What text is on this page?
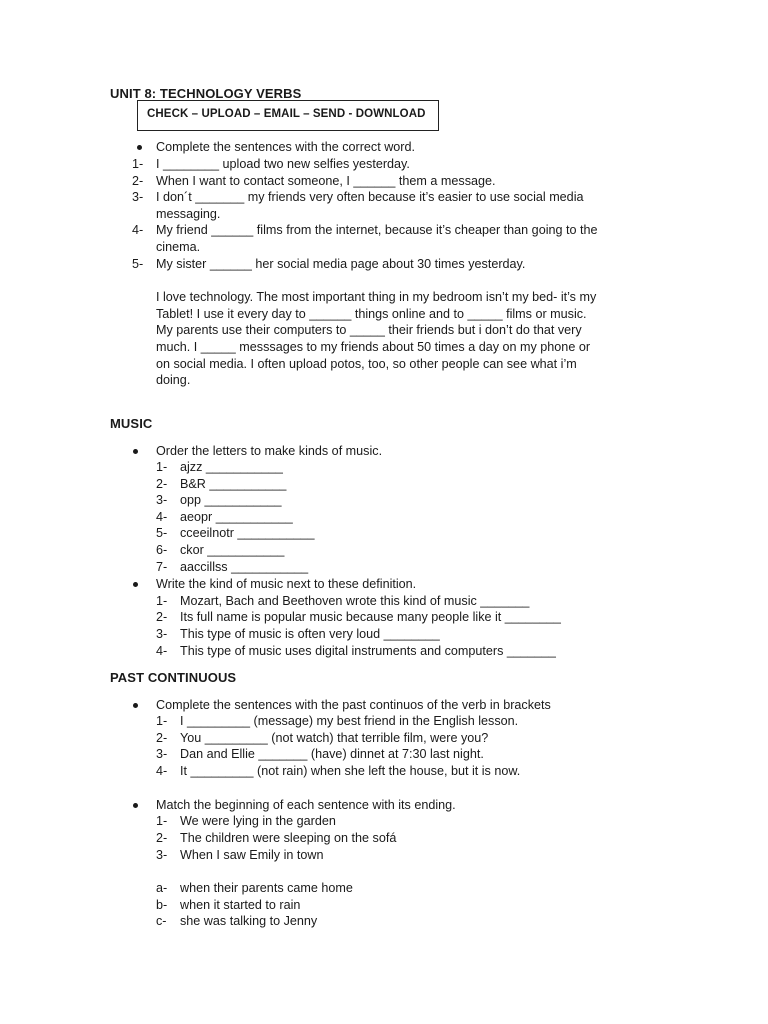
UNIT 8: TECHNOLOGY VERBS
CHECK – UPLOAD – EMAIL – SEND - DOWNLOAD
Complete the sentences with the correct word.
1- I ________ upload two new selfies yesterday.
2- When I want to contact someone, I ______ them a message.
3- I don´t _______ my friends very often because it’s easier to use social media
messaging.
4- My friend ______ films from the internet, because it’s cheaper than going to the
cinema.
5- My sister ______ her social media page about 30 times yesterday.
I love technology. The most important thing in my bedroom isn’t my bed- it’s my
Tablet! I use it every day to ______ things online and to _____ films or music.
My parents use their computers to _____ their friends but i don’t do that very
much. I _____ messsages to my friends about 50 times a day on my phone or
on social media. I often upload potos, too, so other people can see what i’m
doing.
MUSIC
Order the letters to make kinds of music.
1- ajzz ___________
2- B&R ___________
3- opp ___________
4- aeopr ___________
5- cceeilnotr ___________
6- ckor ___________
7- aaccillss ___________
Write the kind of music next to these definition.
1- Mozart, Bach and Beethoven wrote this kind of music _______
2- Its full name is popular music because many people like it ________
3- This type of music is often very loud ________
4- This type of music uses digital instruments and computers _______
PAST CONTINUOUS
Complete the sentences with the past continuos of the verb in brackets
1- I _________ (message) my best friend in the English lesson.
2- You _________ (not watch) that terrible film, were you?
3- Dan and Ellie _______ (have) dinnet at 7:30 last night.
4- It _________ (not rain) when she left the house, but it is now.
Match the beginning of each sentence with its ending.
1- We were lying in the garden
2- The children were sleeping on the sofá
3- When I saw Emily in town
a- when their parents came home
b- when it started to rain
c- she was talking to Jenny
